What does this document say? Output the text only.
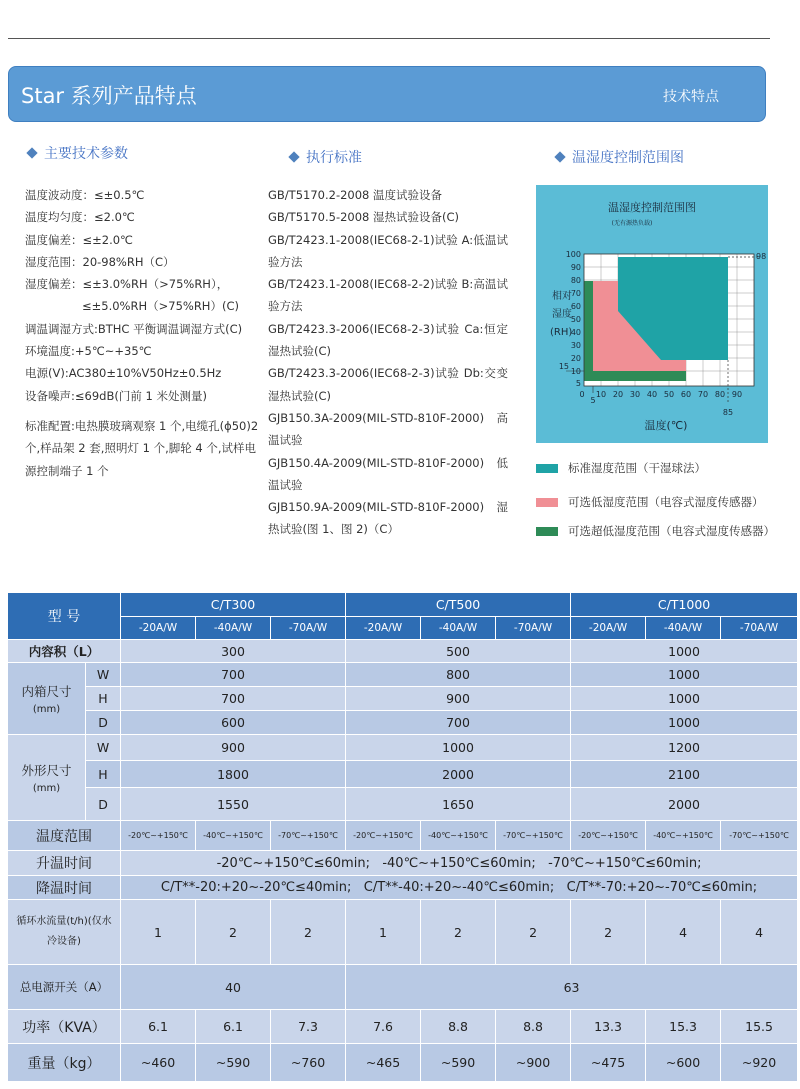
Star 系列产品特点	技术特点
主要技术参数	执行标准	温湿度控制范围图
温度波动度：≤±0.5℃
温度均匀度：≤2.0℃
温度偏差：≤±2.0℃
湿度范围：20-98%RH（C）
湿度偏差：≤±3.0%RH（>75%RH），
≤±5.0%RH（>75%RH）(C)
调温调湿方式:BTHC 平衡调温调湿方式(C)
环境温度:+5℃~+35℃
电源(V):AC380±10%V50Hz±0.5Hz
设备噪声:≤69dB(门前 1 米处测量)
标准配置:电热膜玻璃观察 1 个,电缆孔(ϕ50)2 个,样品架 2 套,照明灯 1 个,脚轮 4 个,试样电源控制端子 1 个
GB/T5170.2-2008 温度试验设备
GB/T5170.5-2008 湿热试验设备(C)
GB/T2423.1-2008(IEC68-2-1)试验 A:低温试验方法
GB/T2423.1-2008(IEC68-2-2)试验 B:高温试验方法
GB/T2423.3-2006(IEC68-2-3)试验 Ca:恒定湿热试验(C)
GB/T2423.3-2006(IEC68-2-3)试验 Db:交变湿热试验(C)
GJB150.3A-2009(MIL-STD-810F-2000) 高温试验
GJB150.4A-2009(MIL-STD-810F-2000) 低温试验
GJB150.9A-2009(MIL-STD-810F-2000) 湿热试验(图 1、图 2)（C）
温湿度控制范围图
(无有源热负载)
相对
湿度
(RH)
温度(℃)
98
85
100
90
80
70
60
50
40
30
20
15
10
5
0
5
10 20 30 40 50 60 70 80 90
标准湿度范围（干湿球法）
可选低湿度范围（电容式湿度传感器）
可选超低湿度范围（电容式湿度传感器）
型 号		C/T300			C/T500			C/T1000		
		-20A/W	-40A/W	-70A/W	-20A/W	-40A/W	-70A/W	-20A/W	-40A/W	-70A/W
内容积（L）		300			500			1000		
内箱尺寸
(mm)	W	700			800			1000		
	H	700			900			1000		
	D	600			700			1000		
外形尺寸
(mm)	W	900			1000			1200		
	H	1800			2000			2100		
	D	1550			1650			2000		
温度范围		-20℃~+150℃	-40℃~+150℃	-70℃~+150℃	-20℃~+150℃	-40℃~+150℃	-70℃~+150℃	-20℃~+150℃	-40℃~+150℃	-70℃~+150℃
升温时间		-20℃~+150℃≤60min;   -40℃~+150℃≤60min;   -70℃~+150℃≤60min;								
降温时间		C/T**-20:+20~-20℃≤40min;   C/T**-40:+20~-40℃≤60min;   C/T**-70:+20~-70℃≤60min;								
循环水流量(t/h)(仅水冷设备)		1	2	2	1	2	2	2	4	4
总电源开关（A）		40			63					
功率（KVA）		6.1	6.1	7.3	7.6	8.8	8.8	13.3	15.3	15.5
重量（kg）		~460	~590	~760	~465	~590	~900	~475	~600	~920
